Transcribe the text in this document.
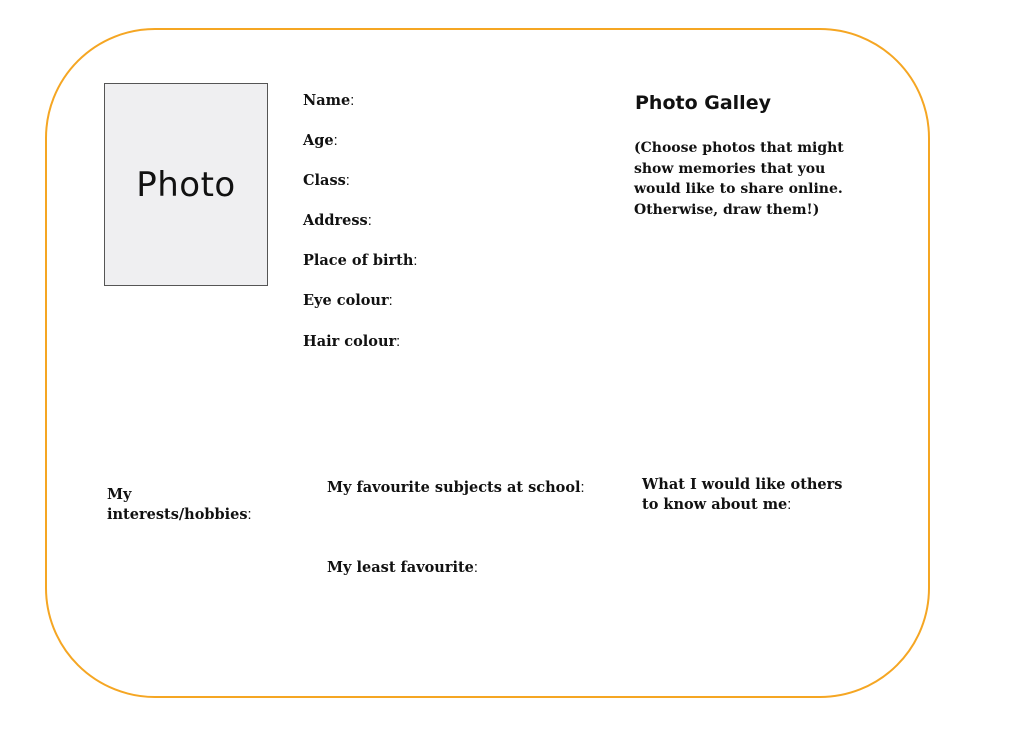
Photo
Name:
Age:
Class:
Address:
Place of birth:
Eye colour:
Hair colour:
Photo Galley
(Choose photos that might show memories that you would like to share online. Otherwise, draw them!)
My
interests/hobbies:
My favourite subjects at school:
My least favourite:
What I would like others
to know about me:
